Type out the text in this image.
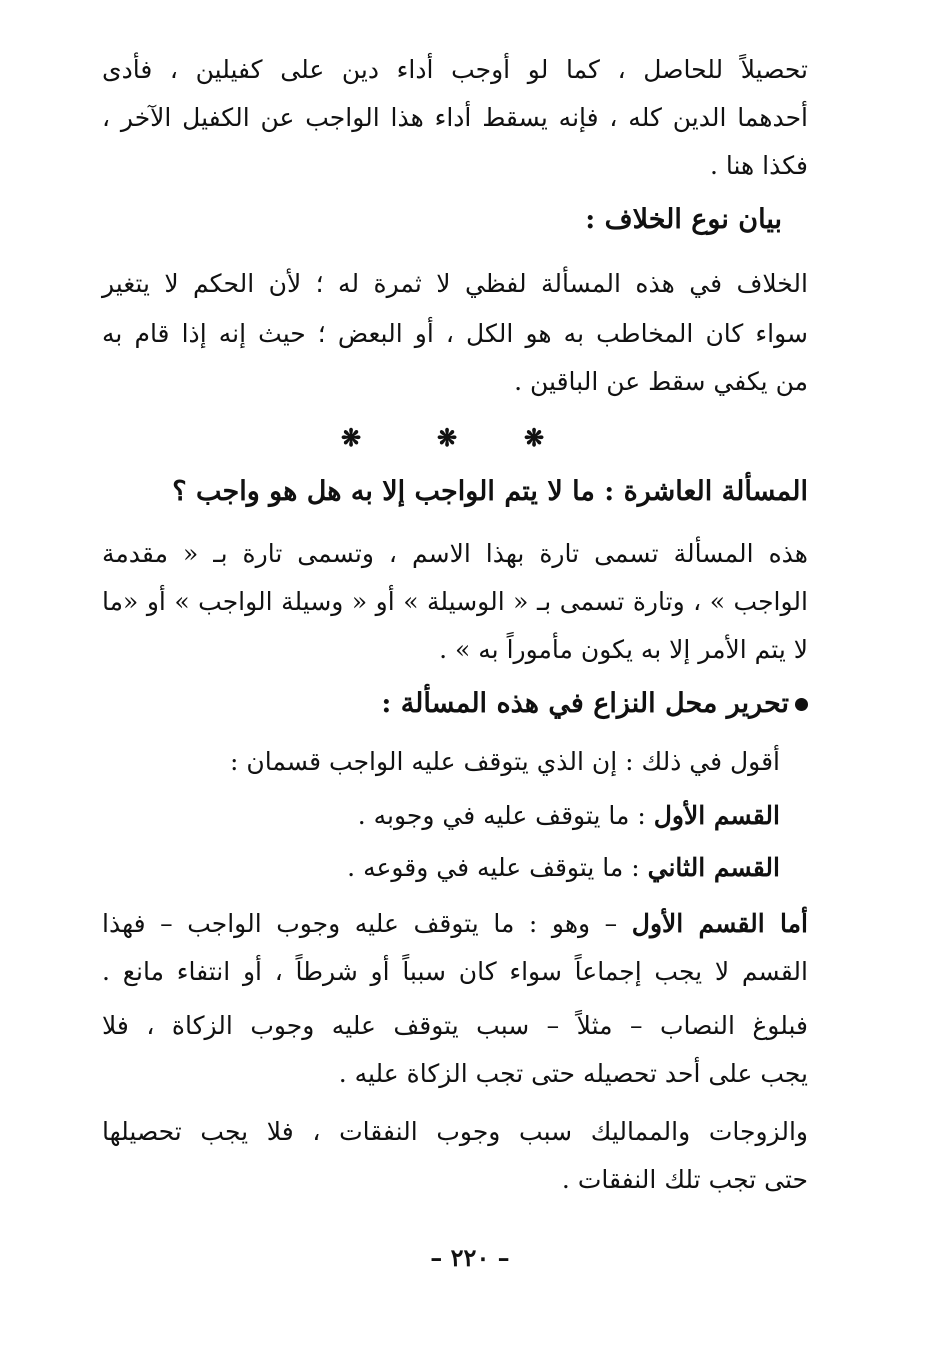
تحصيلاً للحاصل ، كما لو أوجب أداء دين على كفيلين ، فأدى
أحدهما الدين كله ، فإنه يسقط أداء هذا الواجب عن الكفيل الآخر ،
فكذا هنا .
بيان نوع الخلاف :
الخلاف في هذه المسألة لفظي لا ثمرة له ؛ لأن الحكم لا يتغير
سواء كان المخاطب به هو الكل ، أو البعض ؛ حيث إنه إذا قام به
من يكفي سقط عن الباقين .
❋	❋	❋
المسألة العاشرة : ما لا يتم الواجب إلا به هل هو واجب ؟
هذه المسألة تسمى تارة بهذا الاسم ، وتسمى تارة بـ « مقدمة
الواجب » ، وتارة تسمى بـ « الوسيلة » أو « وسيلة الواجب » أو «ما
لا يتم الأمر إلا به يكون مأموراً به » .
تحرير محل النزاع في هذه المسألة :
أقول في ذلك : إن الذي يتوقف عليه الواجب قسمان :
القسم الأول : ما يتوقف عليه في وجوبه .
القسم الثاني : ما يتوقف عليه في وقوعه .
أما القسم الأول – وهو : ما يتوقف عليه وجوب الواجب – فهذا
القسم لا يجب إجماعاً سواء كان سبباً أو شرطاً ، أو انتفاء مانع .
فبلوغ النصاب – مثلاً – سبب يتوقف عليه وجوب الزكاة ، فلا
يجب على أحد تحصيله حتى تجب الزكاة عليه .
والزوجات والمماليك سبب وجوب النفقات ، فلا يجب تحصيلها
حتى تجب تلك النفقات .
– ٢٢٠ –
